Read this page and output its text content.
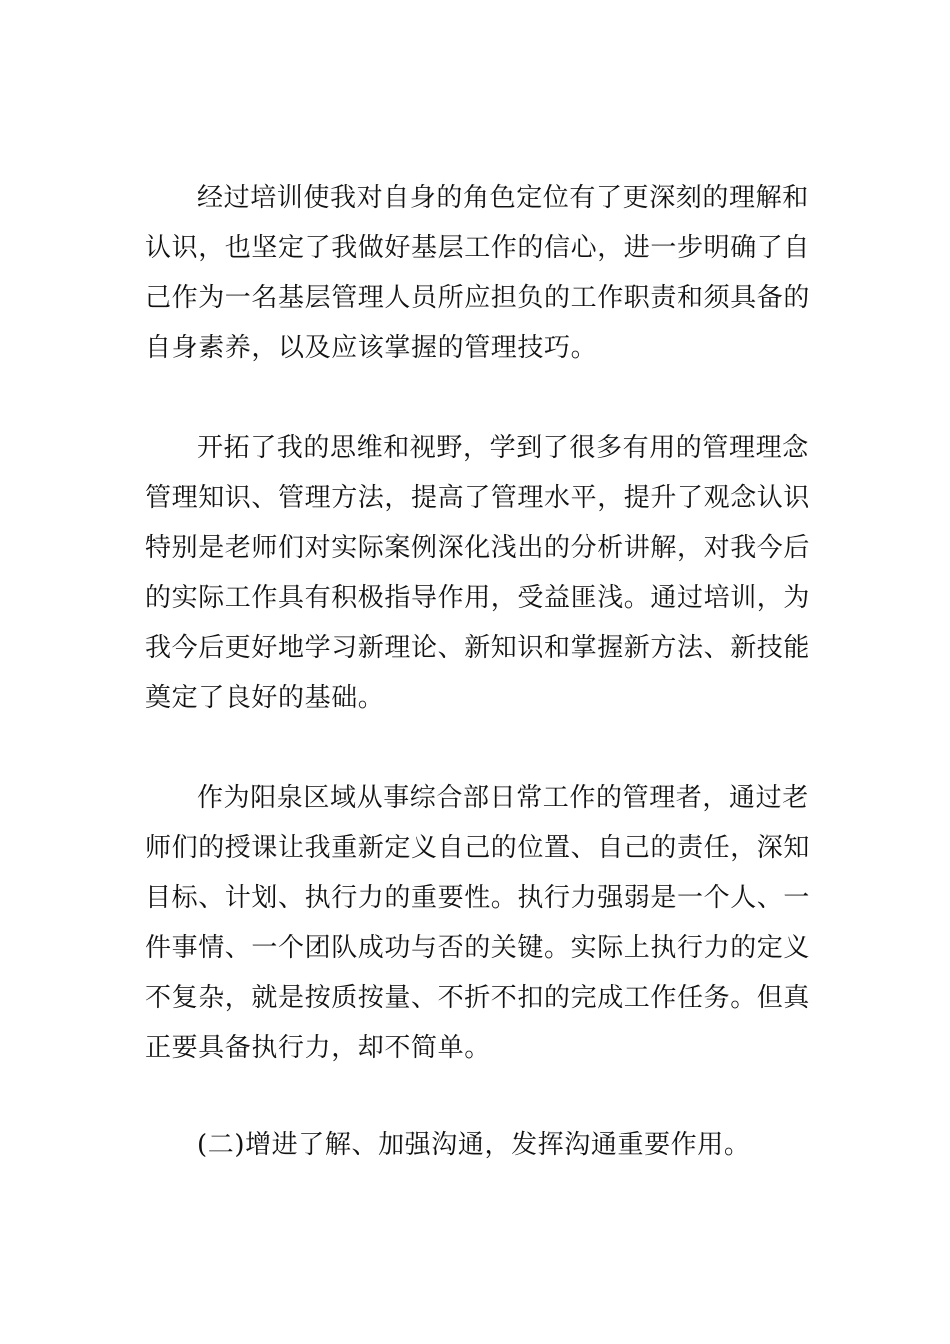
经过培训使我对自身的角色定位有了更深刻的理解和
认识，也坚定了我做好基层工作的信心，进一步明确了自
己作为一名基层管理人员所应担负的工作职责和须具备的
自身素养，以及应该掌握的管理技巧。
开拓了我的思维和视野，学到了很多有用的管理理念
管理知识、管理方法，提高了管理水平，提升了观念认识
特别是老师们对实际案例深化浅出的分析讲解，对我今后
的实际工作具有积极指导作用，受益匪浅。通过培训，为
我今后更好地学习新理论、新知识和掌握新方法、新技能
奠定了良好的基础。
作为阳泉区域从事综合部日常工作的管理者，通过老
师们的授课让我重新定义自己的位置、自己的责任，深知
目标、计划、执行力的重要性。执行力强弱是一个人、一
件事情、一个团队成功与否的关键。实际上执行力的定义
不复杂，就是按质按量、不折不扣的完成工作任务。但真
正要具备执行力，却不简单。
(二)增进了解、加强沟通，发挥沟通重要作用。
